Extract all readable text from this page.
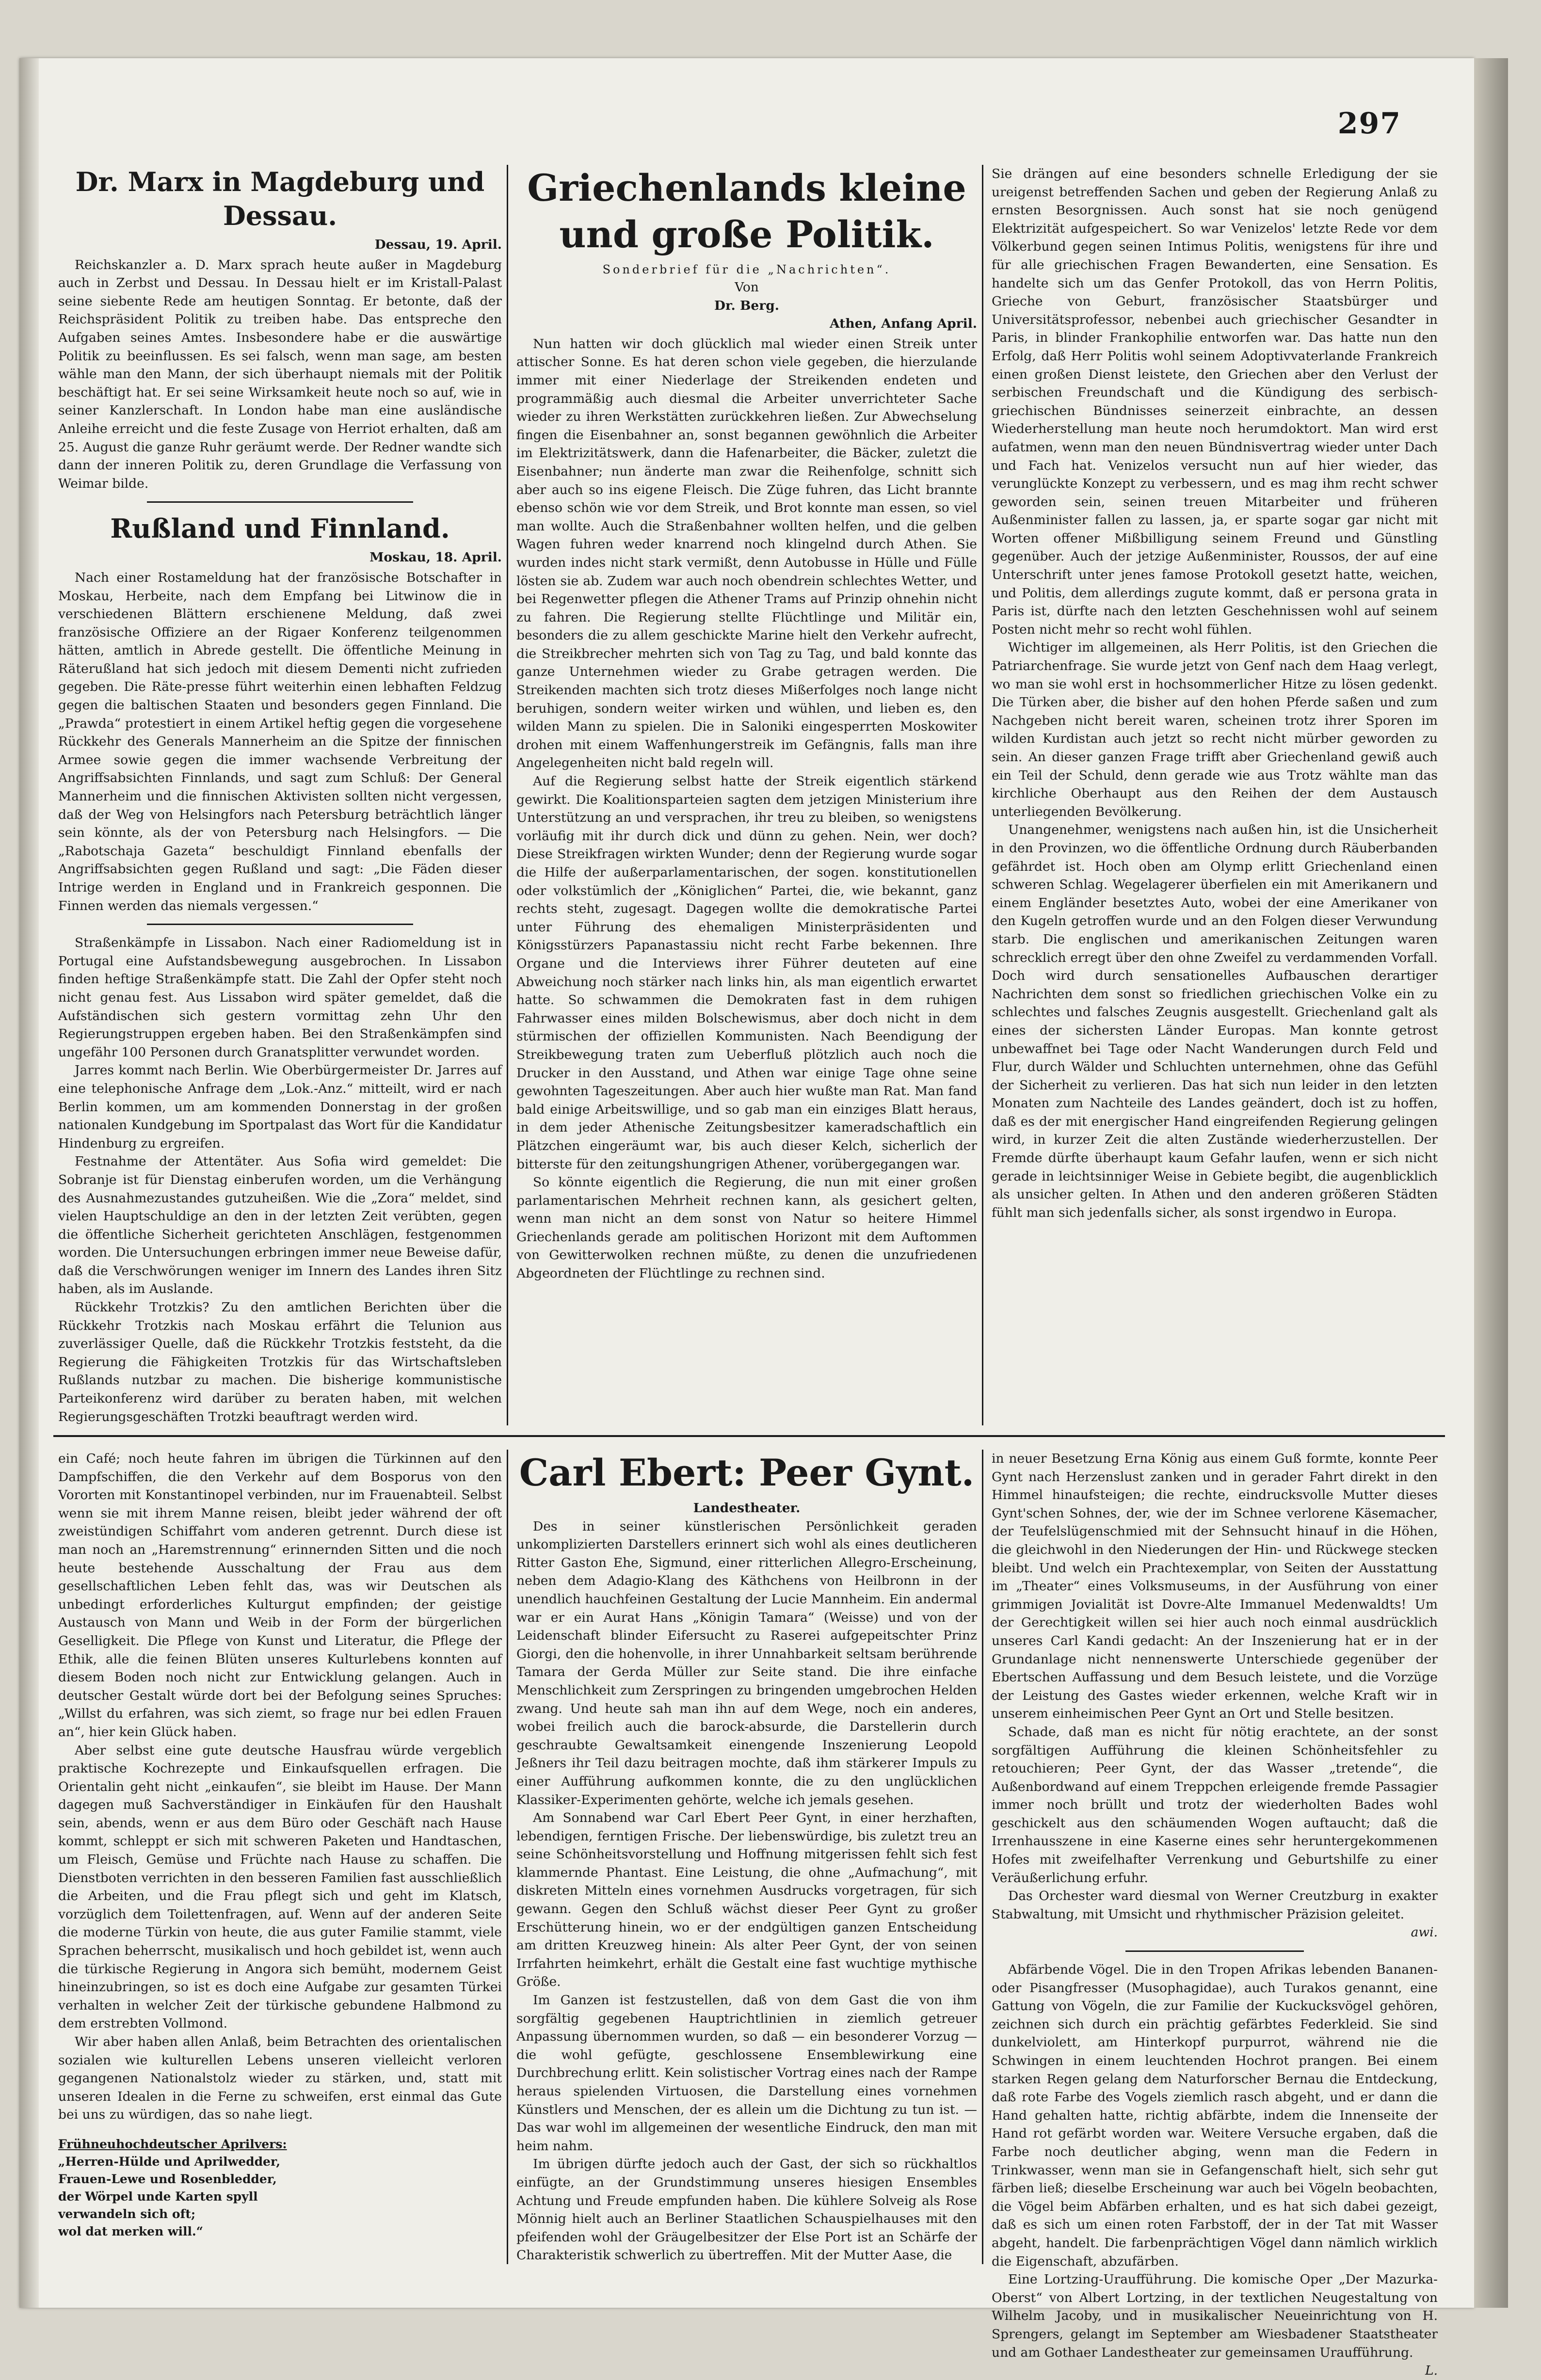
297
Dr. Marx in Magdeburg und Dessau.
Dessau, 19. April.

Reichskanzler a. D. Marx sprach heute außer in Magdeburg auch in Zerbst und Dessau. In Dessau hielt er im Kristall-Palast seine siebente Rede am heutigen Sonntag. Er betonte, daß der Reichspräsident Politik zu treiben habe. Das entspreche den Aufgaben seines Amtes. Insbesondere habe er die auswärtige Politik zu beeinflussen. Es sei falsch, wenn man sage, am besten wähle man den Mann, der sich überhaupt niemals mit der Politik beschäftigt hat. Er sei seine Wirksamkeit heute noch so auf, wie in seiner Kanzlerschaft. In London habe man eine ausländische Anleihe erreicht und die feste Zusage von Herriot erhalten, daß am 25. August die ganze Ruhr geräumt werde. Der Redner wandte sich dann der inneren Politik zu, deren Grundlage die Verfassung von Weimar bilde.

Rußland und Finnland.
Moskau, 18. April.

Nach einer Rostameldung hat der französische Botschafter in Moskau, Herbeite, nach dem Empfang bei Litwinow die in verschiedenen Blättern erschienene Meldung, daß zwei französische Offiziere an der Rigaer Konferenz teilgenommen hätten, amtlich in Abrede gestellt. Die öffentliche Meinung in Räterußland hat sich jedoch mit diesem Dementi nicht zufrieden gegeben. Die Räte-presse führt weiterhin einen lebhaften Feldzug gegen die baltischen Staaten und besonders gegen Finnland. Die „Prawda“ protestiert in einem Artikel heftig gegen die vorgesehene Rückkehr des Generals Mannerheim an die Spitze der finnischen Armee sowie gegen die immer wachsende Verbreitung der Angriffsabsichten Finnlands, und sagt zum Schluß: Der General Mannerheim und die finnischen Aktivisten sollten nicht vergessen, daß der Weg von Helsingfors nach Petersburg beträchtlich länger sein könnte, als der von Petersburg nach Helsingfors. — Die „Rabotschaja Gazeta“ beschuldigt Finnland ebenfalls der Angriffsabsichten gegen Rußland und sagt: „Die Fäden dieser Intrige werden in England und in Frankreich gesponnen. Die Finnen werden das niemals vergessen.“

Straßenkämpfe in Lissabon. Nach einer Radiomeldung ist in Portugal eine Aufstandsbewegung ausgebrochen. In Lissabon finden heftige Straßenkämpfe statt. Die Zahl der Opfer steht noch nicht genau fest. Aus Lissabon wird später gemeldet, daß die Aufständischen sich gestern vormittag zehn Uhr den Regierungstruppen ergeben haben. Bei den Straßenkämpfen sind ungefähr 100 Personen durch Granatsplitter verwundet worden.

Jarres kommt nach Berlin. Wie Oberbürgermeister Dr. Jarres auf eine telephonische Anfrage dem „Lok.-Anz.“ mitteilt, wird er nach Berlin kommen, um am kommenden Donnerstag in der großen nationalen Kundgebung im Sportpalast das Wort für die Kandidatur Hindenburg zu ergreifen.

Festnahme der Attentäter. Aus Sofia wird gemeldet: Die Sobranje ist für Dienstag einberufen worden, um die Verhängung des Ausnahmezustandes gutzuheißen. Wie die „Zora“ meldet, sind vielen Hauptschuldige an den in der letzten Zeit verübten, gegen die öffentliche Sicherheit gerichteten Anschlägen, festgenommen worden. Die Untersuchungen erbringen immer neue Beweise dafür, daß die Verschwörungen weniger im Innern des Landes ihren Sitz haben, als im Auslande.

Rückkehr Trotzkis? Zu den amtlichen Berichten über die Rückkehr Trotzkis nach Moskau erfährt die Telunion aus zuverlässiger Quelle, daß die Rückkehr Trotzkis feststeht, da die Regierung die Fähigkeiten Trotzkis für das Wirtschaftsleben Rußlands nutzbar zu machen. Die bisherige kommunistische Parteikonferenz wird darüber zu beraten haben, mit welchen Regierungsgeschäften Trotzki beauftragt werden wird.

Griechenlands kleine und große Politik.
Sonderbrief für die „Nachrichten“.
Von
Dr. Berg.
Athen, Anfang April.

Nun hatten wir doch glücklich mal wieder einen Streik unter attischer Sonne. Es hat deren schon viele gegeben, die hierzulande immer mit einer Niederlage der Streikenden endeten und programmäßig auch diesmal die Arbeiter unverrichteter Sache wieder zu ihren Werkstätten zurückkehren ließen. Zur Abwechselung fingen die Eisenbahner an, sonst begannen gewöhnlich die Arbeiter im Elektrizitätswerk, dann die Hafenarbeiter, die Bäcker, zuletzt die Eisenbahner; nun änderte man zwar die Reihenfolge, schnitt sich aber auch so ins eigene Fleisch. Die Züge fuhren, das Licht brannte ebenso schön wie vor dem Streik, und Brot konnte man essen, so viel man wollte. Auch die Straßenbahner wollten helfen, und die gelben Wagen fuhren weder knarrend noch klingelnd durch Athen. Sie wurden indes nicht stark vermißt, denn Autobusse in Hülle und Fülle lösten sie ab. Zudem war auch noch obendrein schlechtes Wetter, und bei Regenwetter pflegen die Athener Trams auf Prinzip ohnehin nicht zu fahren. Die Regierung stellte Flüchtlinge und Militär ein, besonders die zu allem geschickte Marine hielt den Verkehr aufrecht, die Streikbrecher mehrten sich von Tag zu Tag, und bald konnte das ganze Unternehmen wieder zu Grabe getragen werden. Die Streikenden machten sich trotz dieses Mißerfolges noch lange nicht beruhigen, sondern weiter wirken und wühlen, und lieben es, den wilden Mann zu spielen. Die in Saloniki eingesperrten Moskowiter drohen mit einem Waffenhungerstreik im Gefängnis, falls man ihre Angelegenheiten nicht bald regeln will.

Auf die Regierung selbst hatte der Streik eigentlich stärkend gewirkt. Die Koalitionsparteien sagten dem jetzigen Ministerium ihre Unterstützung an und versprachen, ihr treu zu bleiben, so wenigstens vorläufig mit ihr durch dick und dünn zu gehen. Nein, wer doch? Diese Streikfragen wirkten Wunder; denn der Regierung wurde sogar die Hilfe der außerparlamentarischen, der sogen. konstitutionellen oder volkstümlich der „Königlichen“ Partei, die, wie bekannt, ganz rechts steht, zugesagt. Dagegen wollte die demokratische Partei unter Führung des ehemaligen Ministerpräsidenten und Königsstürzers Papanastassiu nicht recht Farbe bekennen. Ihre Organe und die Interviews ihrer Führer deuteten auf eine Abweichung noch stärker nach links hin, als man eigentlich erwartet hatte. So schwammen die Demokraten fast in dem ruhigen Fahrwasser eines milden Bolschewismus, aber doch nicht in dem stürmischen der offiziellen Kommunisten. Nach Beendigung der Streikbewegung traten zum Ueberfluß plötzlich auch noch die Drucker in den Ausstand, und Athen war einige Tage ohne seine gewohnten Tageszeitungen. Aber auch hier wußte man Rat. Man fand bald einige Arbeitswillige, und so gab man ein einziges Blatt heraus, in dem jeder Athenische Zeitungsbesitzer kameradschaftlich ein Plätzchen eingeräumt war, bis auch dieser Kelch, sicherlich der bitterste für den zeitungshungrigen Athener, vorübergegangen war.

So könnte eigentlich die Regierung, die nun mit einer großen parlamentarischen Mehrheit rechnen kann, als gesichert gelten, wenn man nicht an dem sonst von Natur so heitere Himmel Griechenlands gerade am politischen Horizont mit dem Auftommen von Gewitterwolken rechnen müßte, zu denen die unzufriedenen Abgeordneten der Flüchtlinge zu rechnen sind.

Sie drängen auf eine besonders schnelle Erledigung der sie ureigenst betreffenden Sachen und geben der Regierung Anlaß zu ernsten Besorgnissen. Auch sonst hat sie noch genügend Elektrizität aufgespeichert. So war Venizelos' letzte Rede vor dem Völkerbund gegen seinen Intimus Politis, wenigstens für ihre und für alle griechischen Fragen Bewanderten, eine Sensation. Es handelte sich um das Genfer Protokoll, das von Herrn Politis, Grieche von Geburt, französischer Staatsbürger und Universitätsprofessor, nebenbei auch griechischer Gesandter in Paris, in blinder Frankophilie entworfen war. Das hatte nun den Erfolg, daß Herr Politis wohl seinem Adoptivvaterlande Frankreich einen großen Dienst leistete, den Griechen aber den Verlust der serbischen Freundschaft und die Kündigung des serbisch-griechischen Bündnisses seinerzeit einbrachte, an dessen Wiederherstellung man heute noch herumdoktort. Man wird erst aufatmen, wenn man den neuen Bündnisvertrag wieder unter Dach und Fach hat. Venizelos versucht nun auf hier wieder, das verunglückte Konzept zu verbessern, und es mag ihm recht schwer geworden sein, seinen treuen Mitarbeiter und früheren Außenminister fallen zu lassen, ja, er sparte sogar gar nicht mit Worten offener Mißbilligung seinem Freund und Günstling gegenüber. Auch der jetzige Außenminister, Roussos, der auf eine Unterschrift unter jenes famose Protokoll gesetzt hatte, weichen, und Politis, dem allerdings zugute kommt, daß er persona grata in Paris ist, dürfte nach den letzten Geschehnissen wohl auf seinem Posten nicht mehr so recht wohl fühlen.

Wichtiger im allgemeinen, als Herr Politis, ist den Griechen die Patriarchenfrage. Sie wurde jetzt von Genf nach dem Haag verlegt, wo man sie wohl erst in hochsommerlicher Hitze zu lösen gedenkt. Die Türken aber, die bisher auf den hohen Pferde saßen und zum Nachgeben nicht bereit waren, scheinen trotz ihrer Sporen im wilden Kurdistan auch jetzt so recht nicht mürber geworden zu sein. An dieser ganzen Frage trifft aber Griechenland gewiß auch ein Teil der Schuld, denn gerade wie aus Trotz wählte man das kirchliche Oberhaupt aus den Reihen der dem Austausch unterliegenden Bevölkerung.

Unangenehmer, wenigstens nach außen hin, ist die Unsicherheit in den Provinzen, wo die öffentliche Ordnung durch Räuberbanden gefährdet ist. Hoch oben am Olymp erlitt Griechenland einen schweren Schlag. Wegelagerer überfielen ein mit Amerikanern und einem Engländer besetztes Auto, wobei der eine Amerikaner von den Kugeln getroffen wurde und an den Folgen dieser Verwundung starb. Die englischen und amerikanischen Zeitungen waren schrecklich erregt über den ohne Zweifel zu verdammenden Vorfall. Doch wird durch sensationelles Aufbauschen derartiger Nachrichten dem sonst so friedlichen griechischen Volke ein zu schlechtes und falsches Zeugnis ausgestellt. Griechenland galt als eines der sichersten Länder Europas. Man konnte getrost unbewaffnet bei Tage oder Nacht Wanderungen durch Feld und Flur, durch Wälder und Schluchten unternehmen, ohne das Gefühl der Sicherheit zu verlieren. Das hat sich nun leider in den letzten Monaten zum Nachteile des Landes geändert, doch ist zu hoffen, daß es der mit energischer Hand eingreifenden Regierung gelingen wird, in kurzer Zeit die alten Zustände wiederherzustellen. Der Fremde dürfte überhaupt kaum Gefahr laufen, wenn er sich nicht gerade in leichtsinniger Weise in Gebiete begibt, die augenblicklich als unsicher gelten. In Athen und den anderen größeren Städten fühlt man sich jedenfalls sicher, als sonst irgendwo in Europa.

ein Café; noch heute fahren im übrigen die Türkinnen auf den Dampfschiffen, die den Verkehr auf dem Bosporus von den Vororten mit Konstantinopel verbinden, nur im Frauenabteil. Selbst wenn sie mit ihrem Manne reisen, bleibt jeder während der oft zweistündigen Schiffahrt vom anderen getrennt. Durch diese ist man noch an „Haremstrennung“ erinnernden Sitten und die noch heute bestehende Ausschaltung der Frau aus dem gesellschaftlichen Leben fehlt das, was wir Deutschen als unbedingt erforderliches Kulturgut empfinden; der geistige Austausch von Mann und Weib in der Form der bürgerlichen Geselligkeit. Die Pflege von Kunst und Literatur, die Pflege der Ethik, alle die feinen Blüten unseres Kulturlebens konnten auf diesem Boden noch nicht zur Entwicklung gelangen. Auch in deutscher Gestalt würde dort bei der Befolgung seines Spruches: „Willst du erfahren, was sich ziemt, so frage nur bei edlen Frauen an“, hier kein Glück haben.

Aber selbst eine gute deutsche Hausfrau würde vergeblich praktische Kochrezepte und Einkaufsquellen erfragen. Die Orientalin geht nicht „einkaufen“, sie bleibt im Hause. Der Mann dagegen muß Sachverständiger in Einkäufen für den Haushalt sein, abends, wenn er aus dem Büro oder Geschäft nach Hause kommt, schleppt er sich mit schweren Paketen und Handtaschen, um Fleisch, Gemüse und Früchte nach Hause zu schaffen. Die Dienstboten verrichten in den besseren Familien fast ausschließlich die Arbeiten, und die Frau pflegt sich und geht im Klatsch, vorzüglich dem Toilettenfragen, auf. Wenn auf der anderen Seite die moderne Türkin von heute, die aus guter Familie stammt, viele Sprachen beherrscht, musikalisch und hoch gebildet ist, wenn auch die türkische Regierung in Angora sich bemüht, modernem Geist hineinzubringen, so ist es doch eine Aufgabe zur gesamten Türkei verhalten in welcher Zeit der türkische gebundene Halbmond zu dem erstrebten Vollmond.

Wir aber haben allen Anlaß, beim Betrachten des orientalischen sozialen wie kulturellen Lebens unseren vielleicht verloren gegangenen Nationalstolz wieder zu stärken, und, statt mit unseren Idealen in die Ferne zu schweifen, erst einmal das Gute bei uns zu würdigen, das so nahe liegt.

Frühneuhochdeutscher Aprilvers:
„Herren-Hülde und Aprilwedder,
Frauen-Lewe und Rosenbledder,
der Wörpel unde Karten spyll
verwandeln sich oft;
wol dat merken will.“
Carl Ebert: Peer Gynt.
Landestheater.

Des in seiner künstlerischen Persönlichkeit geraden unkomplizierten Darstellers erinnert sich wohl als eines deutlicheren Ritter Gaston Ehe, Sigmund, einer ritterlichen Allegro-Erscheinung, neben dem Adagio-Klang des Käthchens von Heilbronn in der unendlich hauchfeinen Gestaltung der Lucie Mannheim. Ein andermal war er ein Aurat Hans „Königin Tamara“ (Weisse) und von der Leidenschaft blinder Eifersucht zu Raserei aufgepeitschter Prinz Giorgi, den die hohenvolle, in ihrer Unnahbarkeit seltsam berührende Tamara der Gerda Müller zur Seite stand. Die ihre einfache Menschlichkeit zum Zerspringen zu bringenden umgebrochen Helden zwang. Und heute sah man ihn auf dem Wege, noch ein anderes, wobei freilich auch die barock-absurde, die Darstellerin durch geschraubte Gewaltsamkeit einengende Inszenierung Leopold Jeßners ihr Teil dazu beitragen mochte, daß ihm stärkerer Impuls zu einer Aufführung aufkommen konnte, die zu den unglücklichen Klassiker-Experimenten gehörte, welche ich jemals gesehen.

Am Sonnabend war Carl Ebert Peer Gynt, in einer herzhaften, lebendigen, ferntigen Frische. Der liebenswürdige, bis zuletzt treu an seine Schönheitsvorstellung und Hoffnung mitgerissen fehlt sich fest klammernde Phantast. Eine Leistung, die ohne „Aufmachung“, mit diskreten Mitteln eines vornehmen Ausdrucks vorgetragen, für sich gewann. Gegen den Schluß wächst dieser Peer Gynt zu großer Erschütterung hinein, wo er der endgültigen ganzen Entscheidung am dritten Kreuzweg hinein: Als alter Peer Gynt, der von seinen Irrfahrten heimkehrt, erhält die Gestalt eine fast wuchtige mythische Größe.

Im Ganzen ist festzustellen, daß von dem Gast die von ihm sorgfältig gegebenen Hauptrichtlinien in ziemlich getreuer Anpassung übernommen wurden, so daß — ein besonderer Vorzug — die wohl gefügte, geschlossene Ensemblewirkung eine Durchbrechung erlitt. Kein solistischer Vortrag eines nach der Rampe heraus spielenden Virtuosen, die Darstellung eines vornehmen Künstlers und Menschen, der es allein um die Dichtung zu tun ist. — Das war wohl im allgemeinen der wesentliche Eindruck, den man mit heim nahm.

Im übrigen dürfte jedoch auch der Gast, der sich so rückhaltlos einfügte, an der Grundstimmung unseres hiesigen Ensembles Achtung und Freude empfunden haben. Die kühlere Solveig als Rose Mönnig hielt auch an Berliner Staatlichen Schauspielhauses mit den pfeifenden wohl der Gräugelbesitzer der Else Port ist an Schärfe der Charakteristik schwerlich zu übertreffen. Mit der Mutter Aase, die

in neuer Besetzung Erna König aus einem Guß formte, konnte Peer Gynt nach Herzenslust zanken und in gerader Fahrt direkt in den Himmel hinaufsteigen; die rechte, eindrucksvolle Mutter dieses Gynt'schen Sohnes, der, wie der im Schnee verlorene Käsemacher, der Teufelslügenschmied mit der Sehnsucht hinauf in die Höhen, die gleichwohl in den Niederungen der Hin- und Rückwege stecken bleibt. Und welch ein Prachtexemplar, von Seiten der Ausstattung im „Theater“ eines Volksmuseums, in der Ausführung von einer grimmigen Jovialität ist Dovre-Alte Immanuel Medenwaldts! Um der Gerechtigkeit willen sei hier auch noch einmal ausdrücklich unseres Carl Kandi gedacht: An der Inszenierung hat er in der Grundanlage nicht nennenswerte Unterschiede gegenüber der Ebertschen Auffassung und dem Besuch leistete, und die Vorzüge der Leistung des Gastes wieder erkennen, welche Kraft wir in unserem einheimischen Peer Gynt an Ort und Stelle besitzen.

Schade, daß man es nicht für nötig erachtete, an der sonst sorgfältigen Aufführung die kleinen Schönheitsfehler zu retouchieren; Peer Gynt, der das Wasser „tretende“, die Außenbordwand auf einem Treppchen erleigende fremde Passagier immer noch brüllt und trotz der wiederholten Bades wohl geschickelt aus den schäumenden Wogen auftaucht; daß die Irrenhausszene in eine Kaserne eines sehr heruntergekommenen Hofes mit zweifelhafter Verrenkung und Geburtshilfe zu einer Veräußerlichung erfuhr.

Das Orchester ward diesmal von Werner Creutzburg in exakter Stabwaltung, mit Umsicht und rhythmischer Präzision geleitet.

awi.

Abfärbende Vögel. Die in den Tropen Afrikas lebenden Bananen- oder Pisangfresser (Musophagidae), auch Turakos genannt, eine Gattung von Vögeln, die zur Familie der Kuckucksvögel gehören, zeichnen sich durch ein prächtig gefärbtes Federkleid. Sie sind dunkelviolett, am Hinterkopf purpurrot, während nie die Schwingen in einem leuchtenden Hochrot prangen. Bei einem starken Regen gelang dem Naturforscher Bernau die Entdeckung, daß rote Farbe des Vogels ziemlich rasch abgeht, und er dann die Hand gehalten hatte, richtig abfärbte, indem die Innenseite der Hand rot gefärbt worden war. Weitere Versuche ergaben, daß die Farbe noch deutlicher abging, wenn man die Federn in Trinkwasser, wenn man sie in Gefangenschaft hielt, sich sehr gut färben ließ; dieselbe Erscheinung war auch bei Vögeln beobachten, die Vögel beim Abfärben erhalten, und es hat sich dabei gezeigt, daß es sich um einen roten Farbstoff, der in der Tat mit Wasser abgeht, handelt. Die farbenprächtigen Vögel dann nämlich wirklich die Eigenschaft, abzufärben.

Eine Lortzing-Uraufführung. Die komische Oper „Der Mazurka-Oberst“ von Albert Lortzing, in der textlichen Neugestaltung von Wilhelm Jacoby, und in musikalischer Neueinrichtung von H. Sprengers, gelangt im September am Wiesbadener Staatstheater und am Gothaer Landestheater zur gemeinsamen Uraufführung.

L.
